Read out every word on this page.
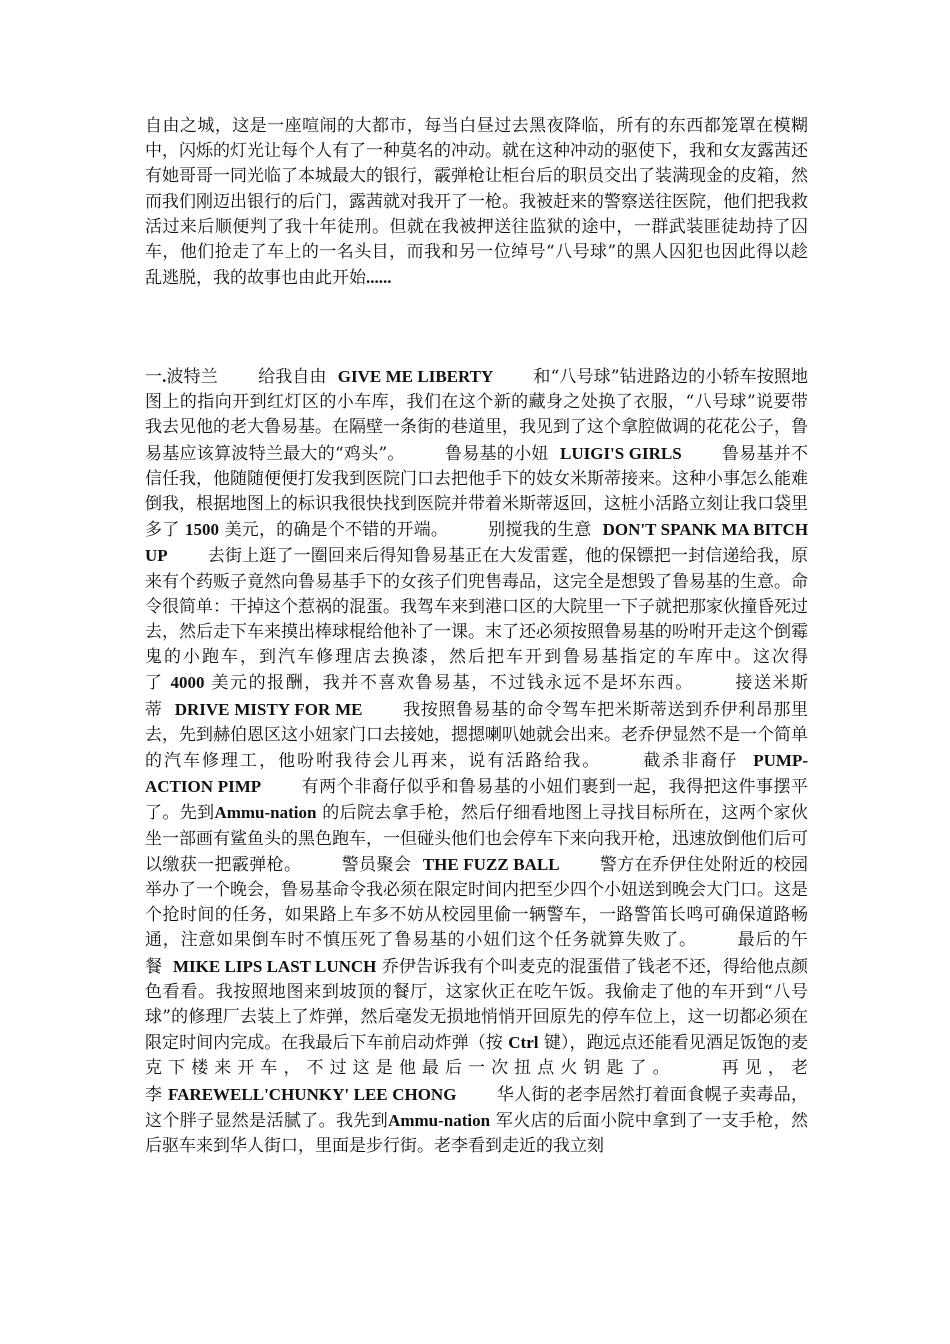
自由之城，这是一座喧闹的大都市，每当白昼过去黑夜降临，所有的东西都笼罩在模糊中，闪烁的灯光让每个人有了一种莫名的冲动。就在这种冲动的驱使下，我和女友露茜还有她哥哥一同光临了本城最大的银行，霰弹枪让柜台后的职员交出了装满现金的皮箱，然而我们刚迈出银行的后门，露茜就对我开了一枪。我被赶来的警察送往医院，他们把我救活过来后顺便判了我十年徒刑。但就在我被押送往监狱的途中，一群武装匪徒劫持了囚车，他们抢走了车上的一名头目，而我和另一位绰号“八号球”的黑人囚犯也因此得以趁乱逃脱，我的故事也由此开始......

一.波特兰 给我自由 GIVE ME LIBERTY 和“八号球”钻进路边的小轿车按照地图上的指向开到红灯区的小车库，我们在这个新的藏身之处换了衣服，“八号球”说要带我去见他的老大鲁易基。在隔壁一条街的巷道里，我见到了这个拿腔做调的花花公子，鲁易基应该算波特兰最大的“鸡头”。 鲁易基的小妞 LUIGI'S GIRLS 鲁易基并不信任我，他随随便便打发我到医院门口去把他手下的妓女米斯蒂接来。这种小事怎么能难倒我，根据地图上的标识我很快找到医院并带着米斯蒂返回，这桩小活路立刻让我口袋里多了 1500 美元，的确是个不错的开端。 别搅我的生意 DON'T SPANK MA BITCH UP 去街上逛了一圈回来后得知鲁易基正在大发雷霆，他的保镖把一封信递给我，原来有个药贩子竟然向鲁易基手下的女孩子们兜售毒品，这完全是想毁了鲁易基的生意。命令很简单：干掉这个惹祸的混蛋。我驾车来到港口区的大院里一下子就把那家伙撞昏死过去，然后走下车来摸出棒球棍给他补了一课。末了还必须按照鲁易基的吩咐开走这个倒霉鬼的小跑车，到汽车修理店去换漆，然后把车开到鲁易基指定的车库中。这次得了 4000 美元的报酬，我并不喜欢鲁易基，不过钱永远不是坏东西。 接送米斯蒂 DRIVE MISTY FOR ME 我按照鲁易基的命令驾车把米斯蒂送到乔伊利昂那里去，先到赫伯恩区这小妞家门口去接她，摁摁喇叭她就会出来。老乔伊显然不是一个简单的汽车修理工，他吩咐我待会儿再来，说有活路给我。 截杀非裔仔 PUMP-ACTION PIMP 有两个非裔仔似乎和鲁易基的小妞们裹到一起，我得把这件事摆平了。先到Ammu-nation 的后院去拿手枪，然后仔细看地图上寻找目标所在，这两个家伙坐一部画有鲨鱼头的黑色跑车，一但碰头他们也会停车下来向我开枪，迅速放倒他们后可以缴获一把霰弹枪。 警员聚会 THE FUZZ BALL 警方在乔伊住处附近的校园举办了一个晚会，鲁易基命令我必须在限定时间内把至少四个小妞送到晚会大门口。这是个抢时间的任务，如果路上车多不妨从校园里偷一辆警车，一路警笛长鸣可确保道路畅通，注意如果倒车时不慎压死了鲁易基的小妞们这个任务就算失败了。 最后的午餐 MIKE LIPS LAST LUNCH 乔伊告诉我有个叫麦克的混蛋借了钱老不还，得给他点颜色看看。我按照地图来到坡顶的餐厅，这家伙正在吃午饭。我偷走了他的车开到“八号球”的修理厂去装上了炸弹，然后毫发无损地悄悄开回原先的停车位上，这一切都必须在限定时间内完成。在我最后下车前启动炸弹（按 Ctrl 键），跑远点还能看见酒足饭饱的麦克下楼来开车，不过这是他最后一次扭点火钥匙了。 再见，老李 FAREWELL'CHUNKY' LEE CHONG 华人街的老李居然打着面食幌子卖毒品，这个胖子显然是活腻了。我先到Ammu-nation 军火店的后面小院中拿到了一支手枪，然后驱车来到华人街口，里面是步行街。老李看到走近的我立刻
